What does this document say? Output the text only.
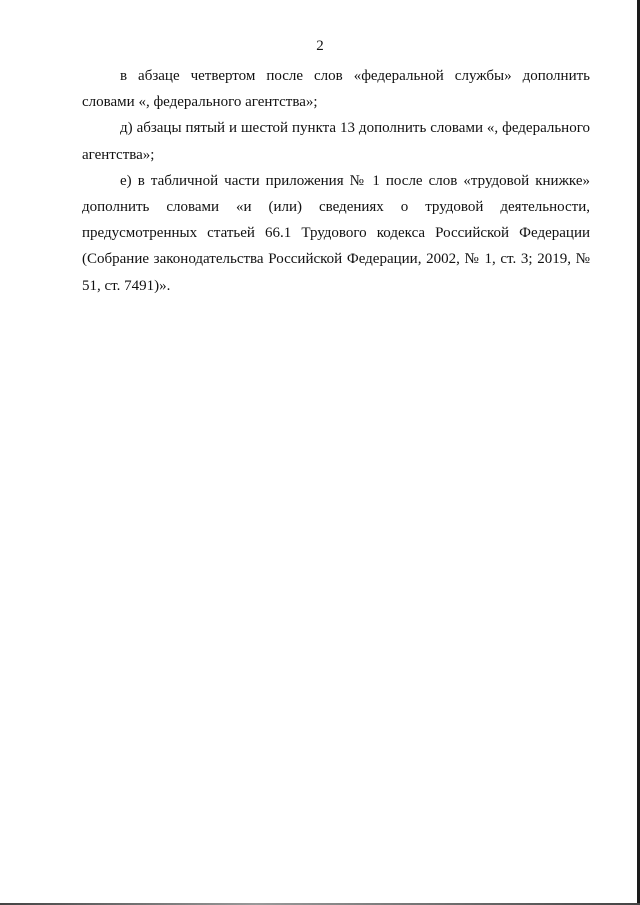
2

в абзаце четвертом после слов «федеральной службы» дополнить словами «, федерального агентства»;

д) абзацы пятый и шестой пункта 13 дополнить словами «, федерального агентства»;

е) в табличной части приложения № 1 после слов «трудовой книжке» дополнить словами «и (или) сведениях о трудовой деятельности, предусмотренных статьей 66.1 Трудового кодекса Российской Федерации (Собрание законодательства Российской Федерации, 2002, № 1, ст. 3; 2019, № 51, ст. 7491)».
